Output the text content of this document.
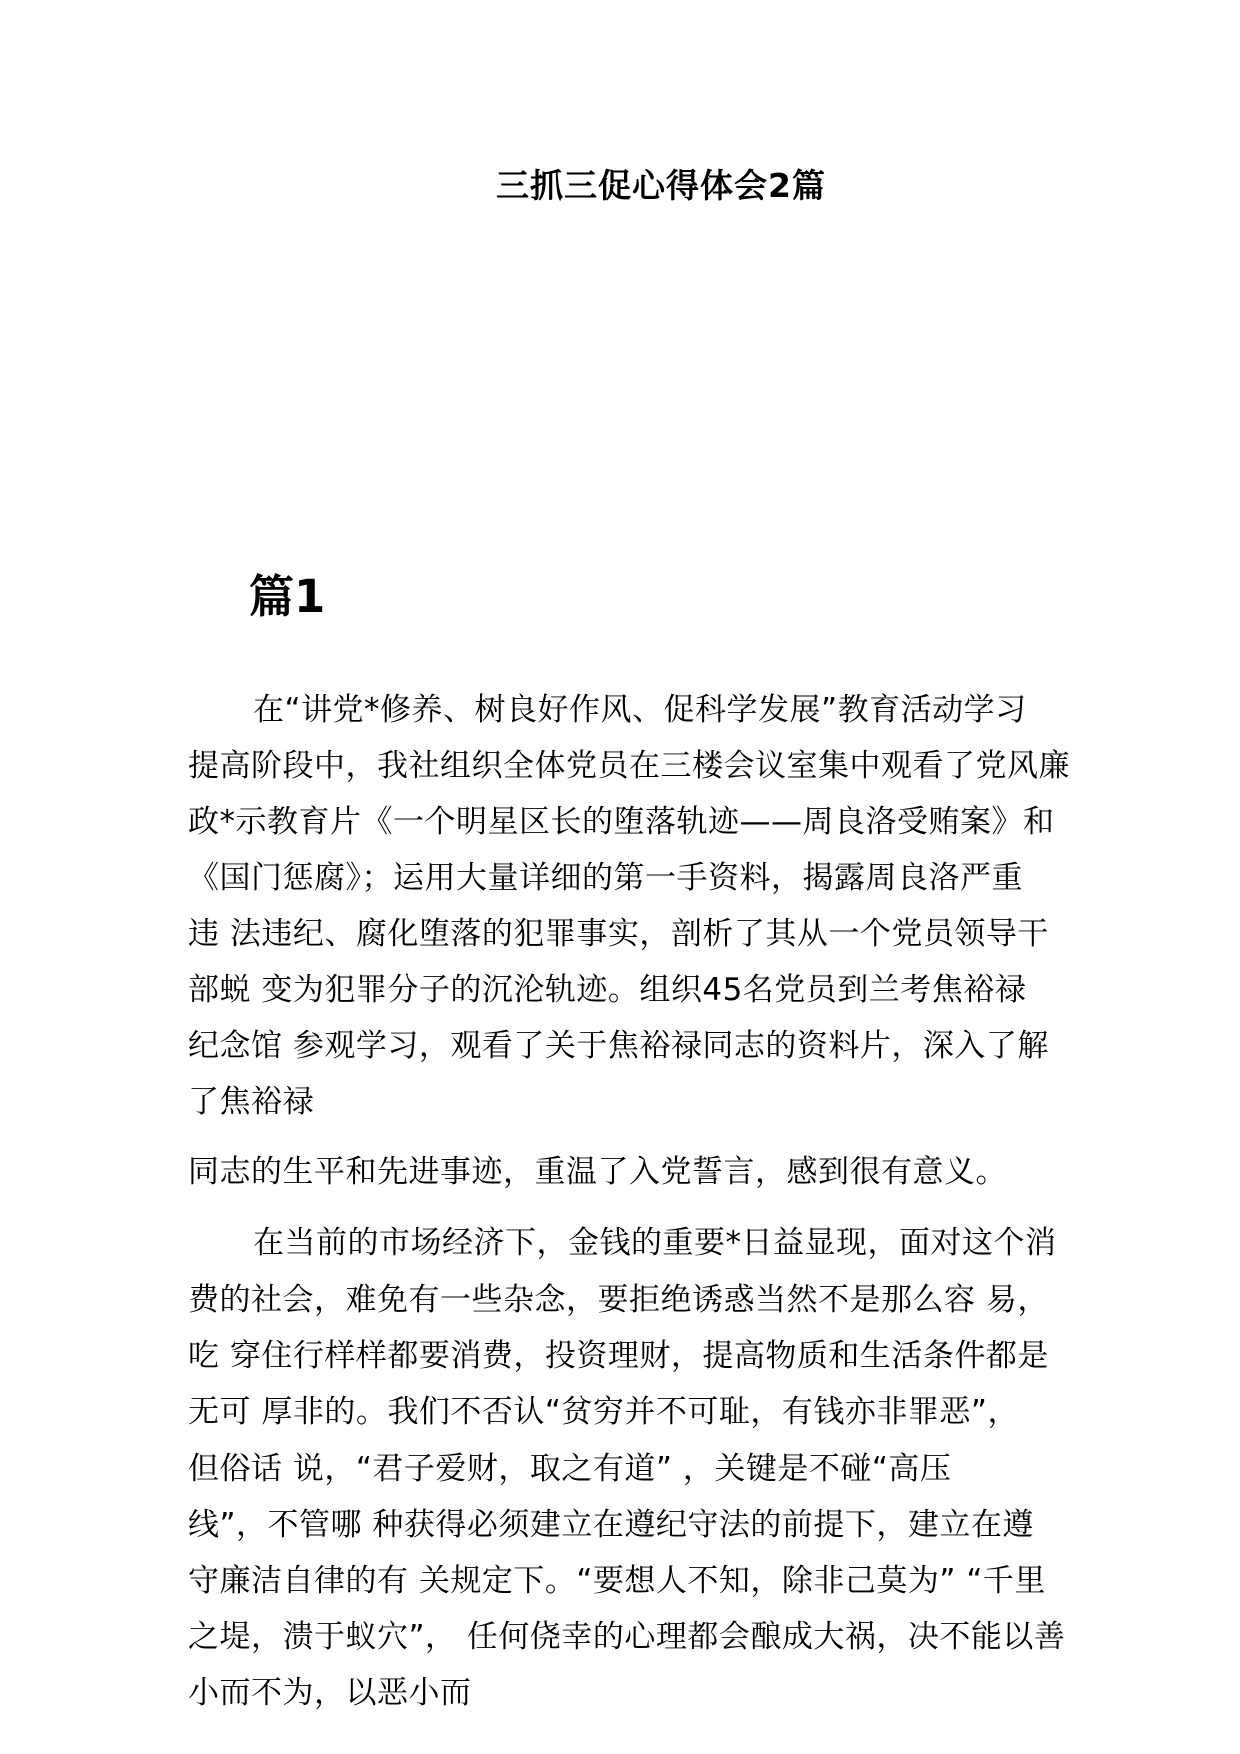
三抓三促心得体会2篇
篇1
在“讲党*修养、树良好作风、促科学发展”教育活动学习
提高阶段中，我社组织全体党员在三楼会议室集中观看了党风廉
政*示教育片《一个明星区长的堕落轨迹——周良洛受贿案》和
《国门惩腐》；运用大量详细的第一手资料，揭露周良洛严重
违 法违纪、腐化堕落的犯罪事实，剖析了其从一个党员领导干
部蜕 变为犯罪分子的沉沦轨迹。组织45名党员到兰考焦裕禄
纪念馆 参观学习，观看了关于焦裕禄同志的资料片，深入了解
了焦裕禄
同志的生平和先进事迹，重温了入党誓言，感到很有意义。
在当前的市场经济下，金钱的重要*日益显现，面对这个消
费的社会，难免有一些杂念，要拒绝诱惑当然不是那么容 易，
吃 穿住行样样都要消费，投资理财，提高物质和生活条件都是
无可 厚非的。我们不否认“贫穷并不可耻，有钱亦非罪恶”，
但俗话 说，“君子爱财，取之有道” ，关键是不碰“高压
线”，不管哪 种获得必须建立在遵纪守法的前提下，建立在遵
守廉洁自律的有 关规定下。“要想人不知，除非己莫为” “千里
之堤，溃于蚁穴”， 任何侥幸的心理都会酿成大祸，决不能以善
小而不为，以恶小而
